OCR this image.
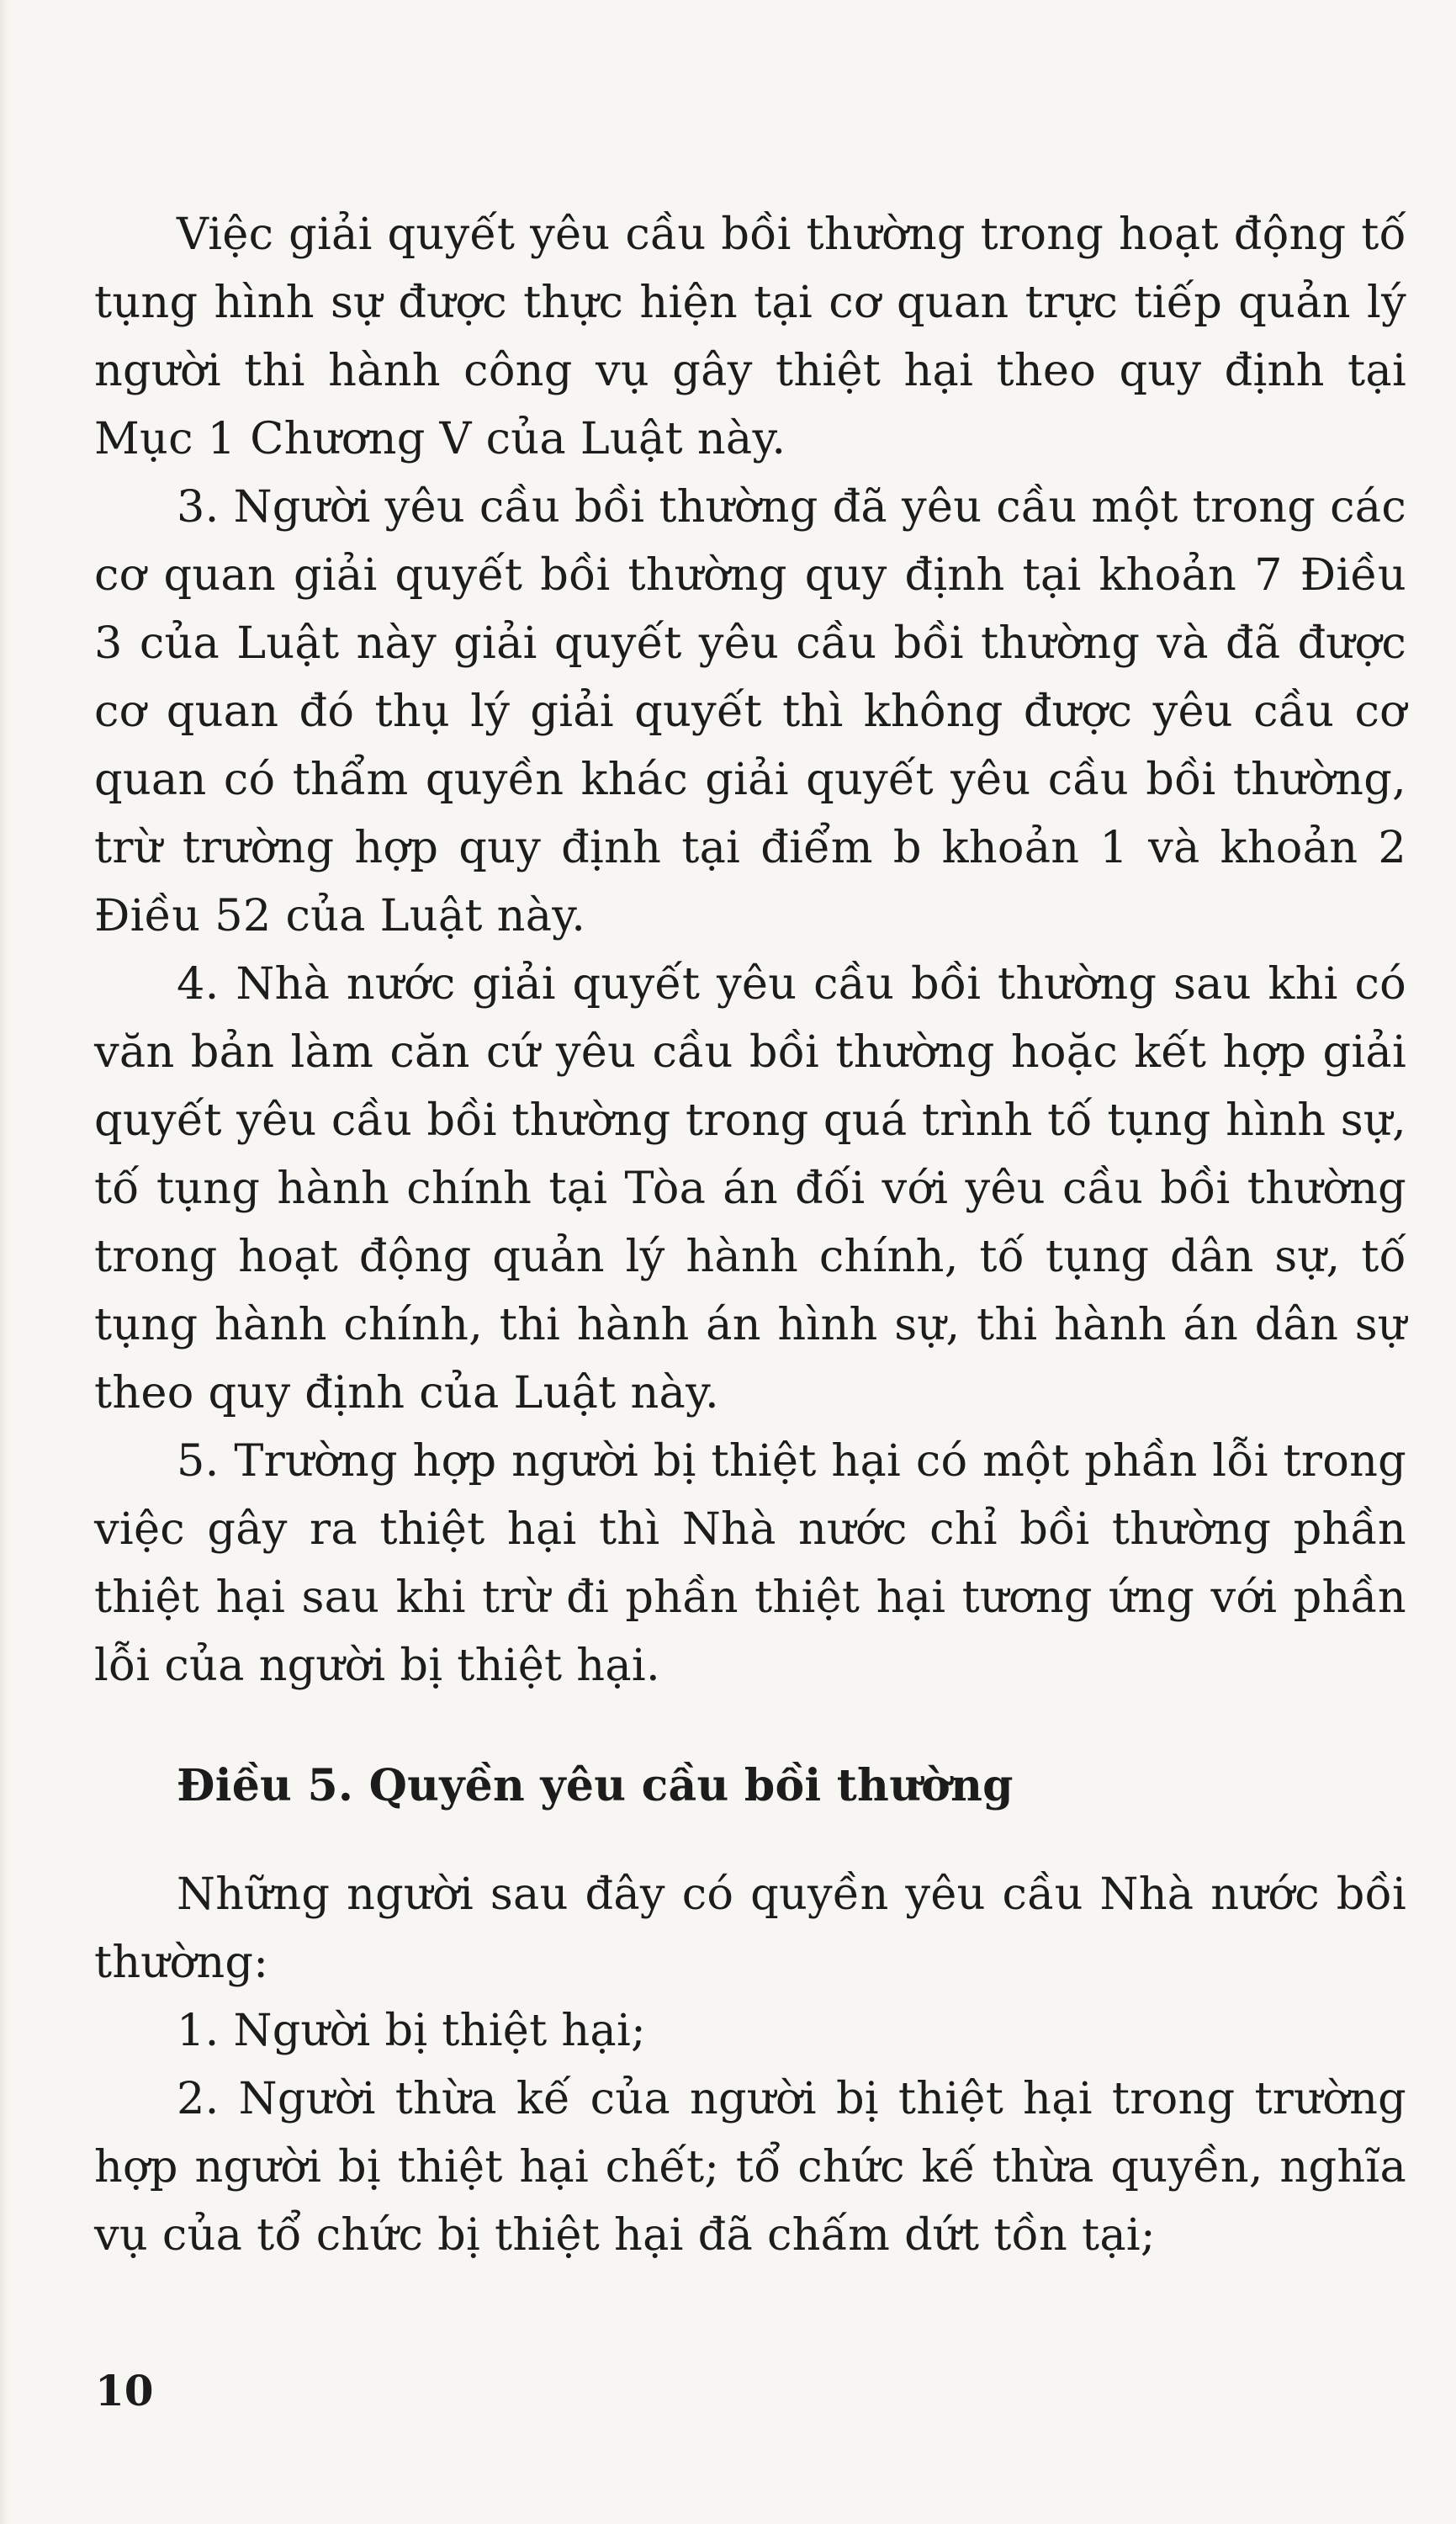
Việc giải quyết yêu cầu bồi thường trong hoạt động tố tụng hình sự được thực hiện tại cơ quan trực tiếp quản lý người thi hành công vụ gây thiệt hại theo quy định tại Mục 1 Chương V của Luật này.

3. Người yêu cầu bồi thường đã yêu cầu một trong các cơ quan giải quyết bồi thường quy định tại khoản 7 Điều 3 của Luật này giải quyết yêu cầu bồi thường và đã được cơ quan đó thụ lý giải quyết thì không được yêu cầu cơ quan có thẩm quyền khác giải quyết yêu cầu bồi thường, trừ trường hợp quy định tại điểm b khoản 1 và khoản 2 Điều 52 của Luật này.

4. Nhà nước giải quyết yêu cầu bồi thường sau khi có văn bản làm căn cứ yêu cầu bồi thường hoặc kết hợp giải quyết yêu cầu bồi thường trong quá trình tố tụng hình sự, tố tụng hành chính tại Tòa án đối với yêu cầu bồi thường trong hoạt động quản lý hành chính, tố tụng dân sự, tố tụng hành chính, thi hành án hình sự, thi hành án dân sự theo quy định của Luật này.

5. Trường hợp người bị thiệt hại có một phần lỗi trong việc gây ra thiệt hại thì Nhà nước chỉ bồi thường phần thiệt hại sau khi trừ đi phần thiệt hại tương ứng với phần lỗi của người bị thiệt hại.

Điều 5. Quyền yêu cầu bồi thường

Những người sau đây có quyền yêu cầu Nhà nước bồi thường:

1. Người bị thiệt hại;

2. Người thừa kế của người bị thiệt hại trong trường hợp người bị thiệt hại chết; tổ chức kế thừa quyền, nghĩa vụ của tổ chức bị thiệt hại đã chấm dứt tồn tại;

10
